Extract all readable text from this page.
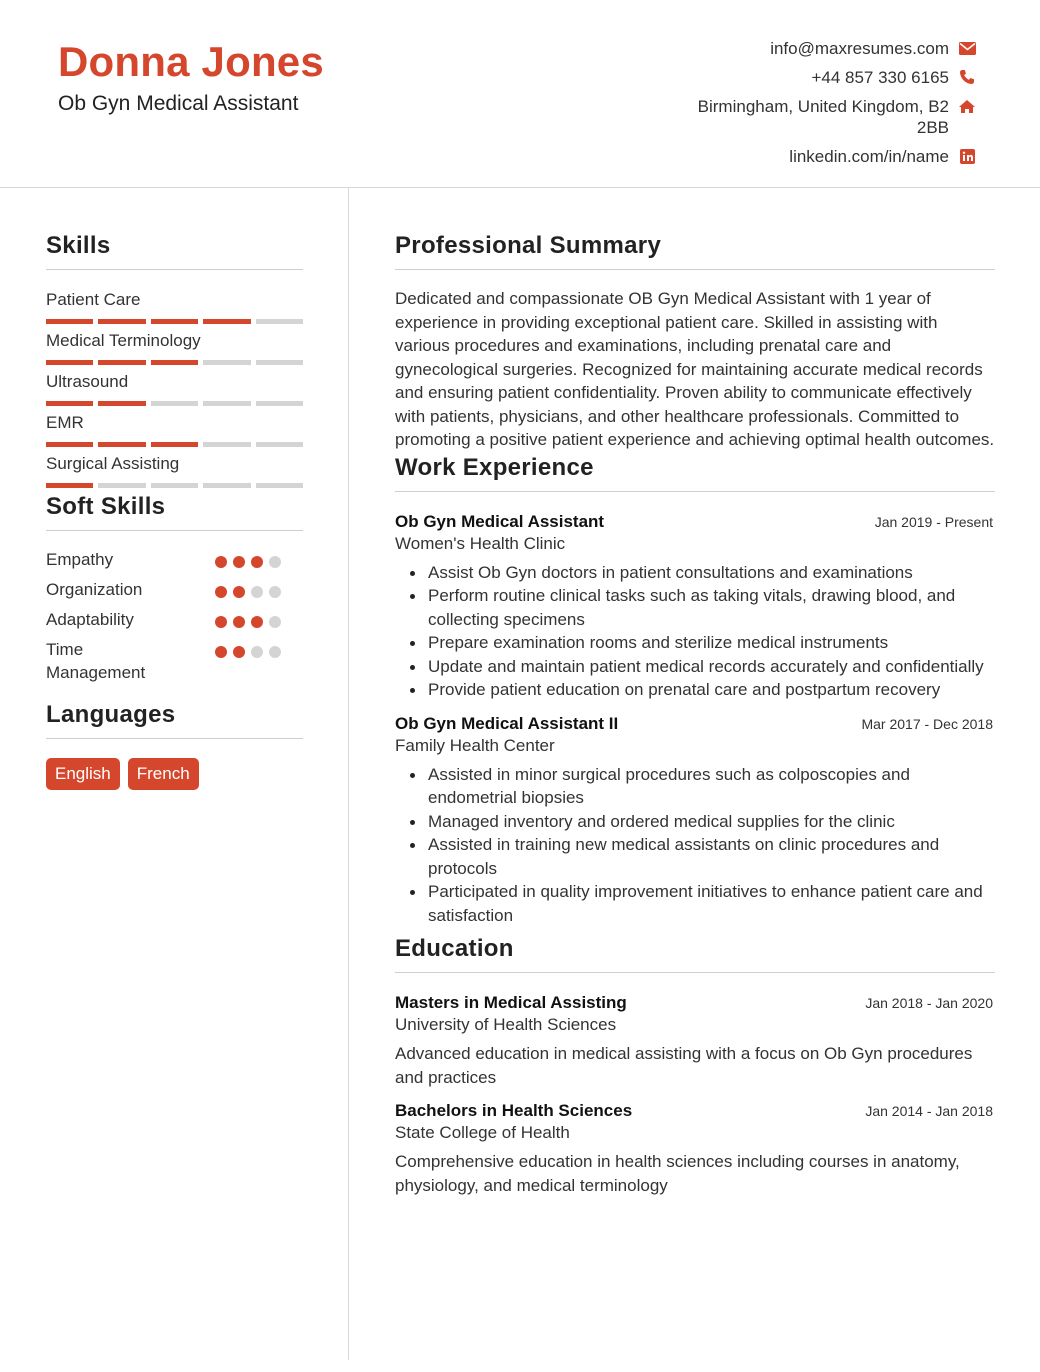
Donna Jones
Ob Gyn Medical Assistant
info@maxresumes.com
+44 857 330 6165
Birmingham, United Kingdom, B2 2BB
linkedin.com/in/name
Skills
Patient Care
Medical Terminology
Ultrasound
EMR
Surgical Assisting
Soft Skills
Empathy
Organization
Adaptability
Time Management
Languages
English	French
Professional Summary
Dedicated and compassionate OB Gyn Medical Assistant with 1 year of experience in providing exceptional patient care. Skilled in assisting with various procedures and examinations, including prenatal care and gynecological surgeries. Recognized for maintaining accurate medical records and ensuring patient confidentiality. Proven ability to communicate effectively with patients, physicians, and other healthcare professionals. Committed to promoting a positive patient experience and achieving optimal health outcomes.
Work Experience
Ob Gyn Medical Assistant	Jan 2019 - Present
Women's Health Clinic
Assist Ob Gyn doctors in patient consultations and examinations
Perform routine clinical tasks such as taking vitals, drawing blood, and collecting specimens
Prepare examination rooms and sterilize medical instruments
Update and maintain patient medical records accurately and confidentially
Provide patient education on prenatal care and postpartum recovery
Ob Gyn Medical Assistant II	Mar 2017 - Dec 2018
Family Health Center
Assisted in minor surgical procedures such as colposcopies and endometrial biopsies
Managed inventory and ordered medical supplies for the clinic
Assisted in training new medical assistants on clinic procedures and protocols
Participated in quality improvement initiatives to enhance patient care and satisfaction
Education
Masters in Medical Assisting	Jan 2018 - Jan 2020
University of Health Sciences
Advanced education in medical assisting with a focus on Ob Gyn procedures and practices
Bachelors in Health Sciences	Jan 2014 - Jan 2018
State College of Health
Comprehensive education in health sciences including courses in anatomy, physiology, and medical terminology
